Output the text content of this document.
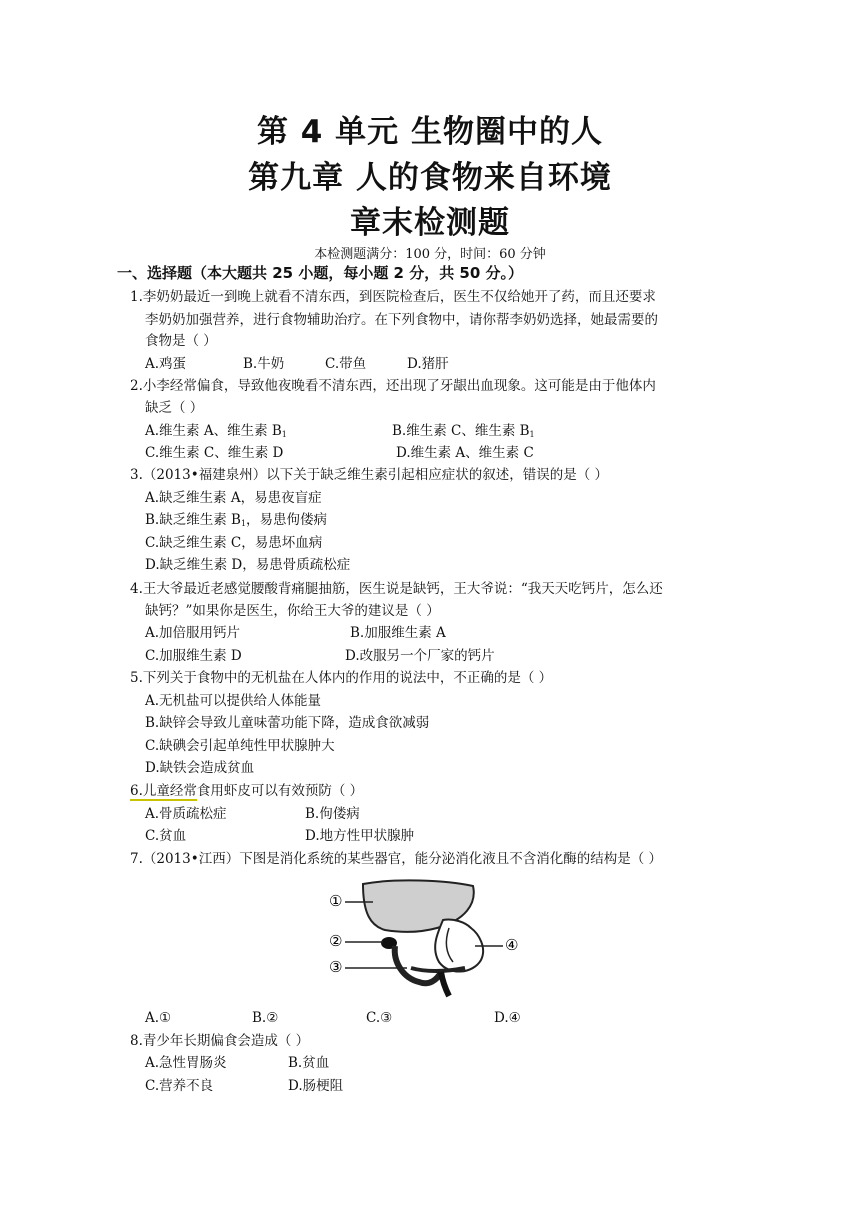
第 4 单元 生物圈中的人
第九章 人的食物来自环境
章末检测题

本检测题满分：100 分，时间：60 分钟

一、选择题（本大题共 25 小题，每小题 2 分，共 50 分。）

1.李奶奶最近一到晚上就看不清东西，到医院检查后，医生不仅给她开了药，而且还要求

李奶奶加强营养，进行食物辅助治疗。在下列食物中，请你帮李奶奶选择，她最需要的

食物是（ ）

A.鸡蛋	B.牛奶	C.带鱼	D.猪肝

2.小李经常偏食，导致他夜晚看不清东西，还出现了牙龈出血现象。这可能是由于他体内

缺乏（ ）

A.维生素 A、维生素 $B_1$	B.维生素 C、维生素 $B_1$

C.维生素 C、维生素 D	D.维生素 A、维生素 C

3.（2013•福建泉州）以下关于缺乏维生素引起相应症状的叙述，错误的是（ ）

A.缺乏维生素 A，易患夜盲症

B.缺乏维生素 $B_1$，易患佝偻病

C.缺乏维生素 C，易患坏血病

D.缺乏维生素 D，易患骨质疏松症

4.王大爷最近老感觉腰酸背痛腿抽筋，医生说是缺钙，王大爷说：“我天天吃钙片，怎么还

缺钙？”如果你是医生，你给王大爷的建议是（ ）

A.加倍服用钙片	B.加服维生素 A

C.加服维生素 D	D.改服另一个厂家的钙片

5.下列关于食物中的无机盐在人体内的作用的说法中，不正确的是（ ）

A.无机盐可以提供给人体能量

B.缺锌会导致儿童味蕾功能下降，造成食欲减弱

C.缺碘会引起单纯性甲状腺肿大

D.缺铁会造成贫血

6.儿童经常食用虾皮可以有效预防（ ）

A.骨质疏松症	B.佝偻病

C.贫血	D.地方性甲状腺肿

7.（2013•江西）下图是消化系统的某些器官，能分泌消化液且不含消化酶的结构是（ ）

①
②
③
④

A.①	B.②	C.③	D.④

8.青少年长期偏食会造成（ ）

A.急性胃肠炎	B.贫血

C.营养不良	D.肠梗阻
